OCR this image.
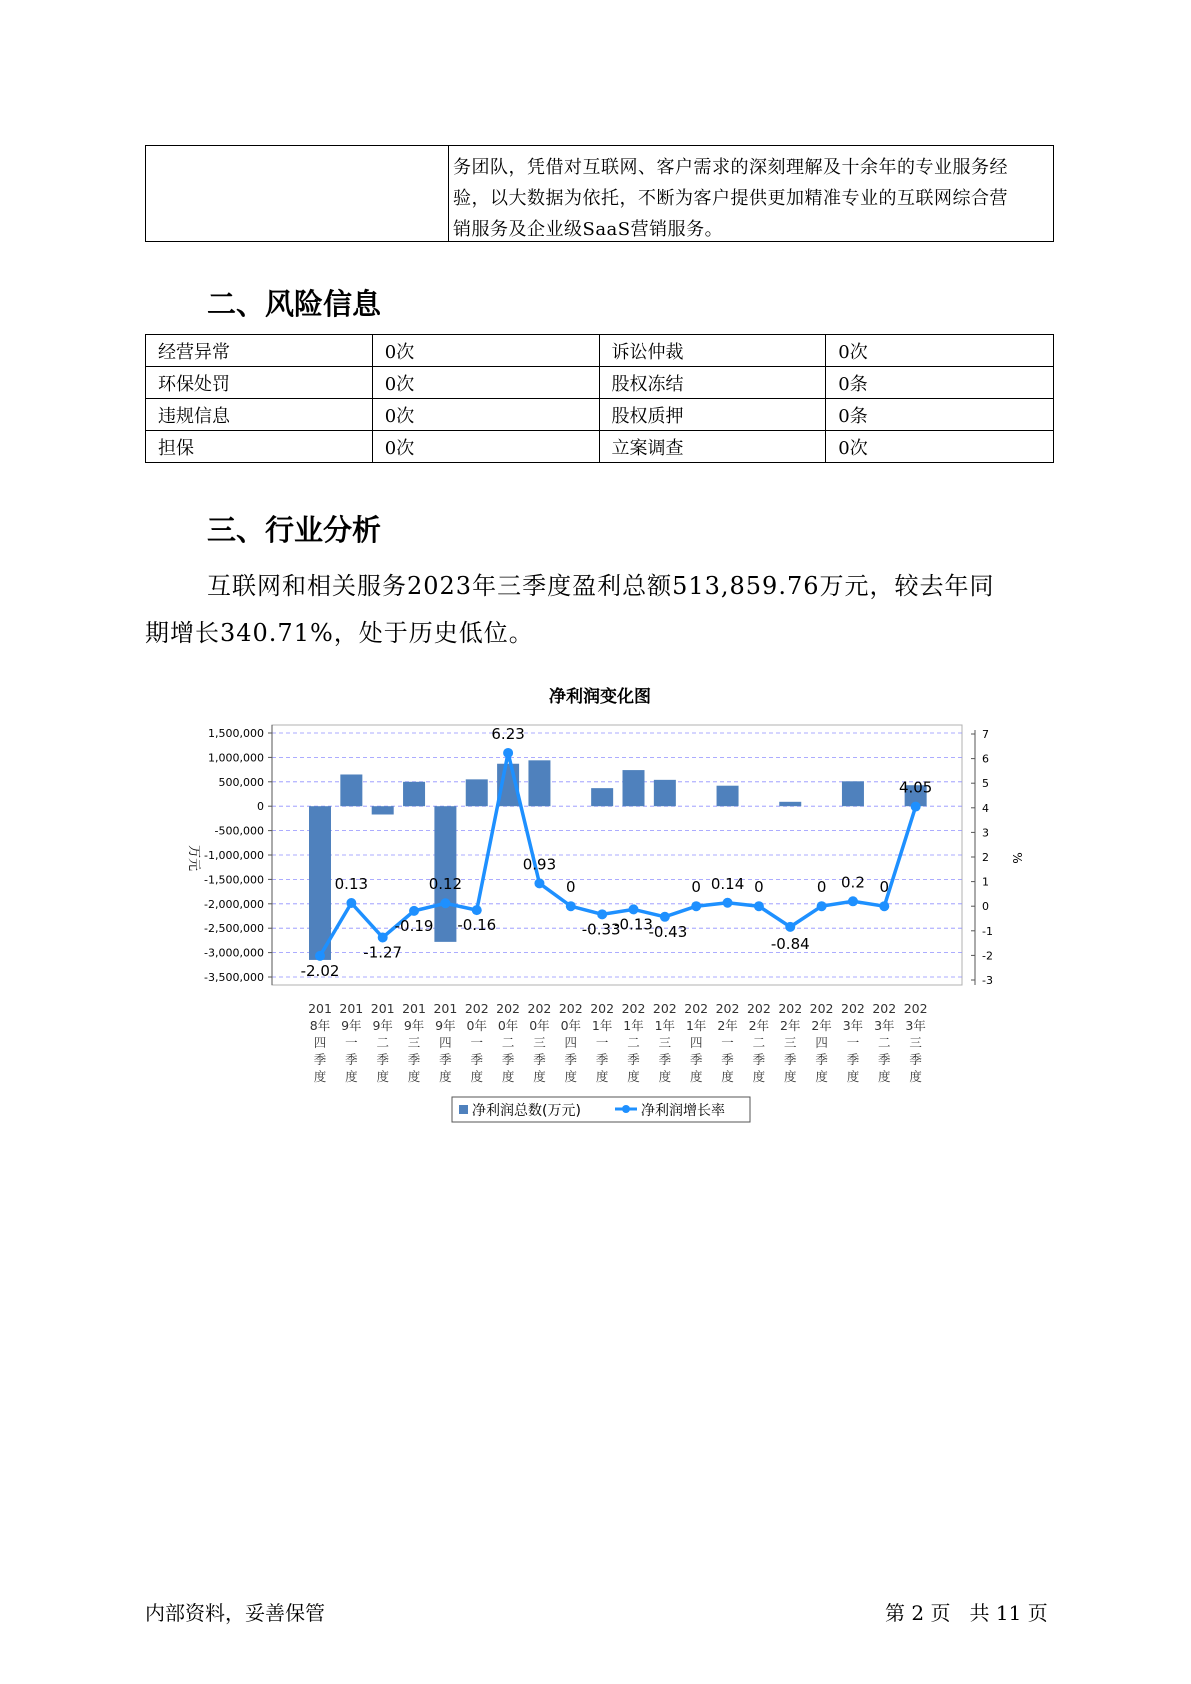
务团队，凭借对互联网、客户需求的深刻理解及十余年的专业服务经
验，以大数据为依托，不断为客户提供更加精准专业的互联网综合营
销服务及企业级SaaS营销服务。
二、风险信息
经营异常	0次	诉讼仲裁	0次
环保处罚	0次	股权冻结	0条
违规信息	0次	股权质押	0条
担保	0次	立案调查	0次
三、行业分析
互联网和相关服务2023年三季度盈利总额513,859.76万元，较去年同
期增长340.71%，处于历史低位。
净利润变化图
1,500,000
1,000,000
500,000
0
-500,000
-1,000,000
-1,500,000
-2,000,000
-2,500,000
-3,000,000
-3,500,000
7
6
5
4
3
2
1
0
-1
-2
-3
万元	%
-2.02
0.13
-1.27
-0.19
0.12
-0.16
6.23
0.93
0
-0.33
-0.13
-0.43
0 0.14 0
-0.84
0 0.2 0
4.05
201
8年
四
季
度
201
9年
一
季
度
201
9年
二
季
度
201
9年
三
季
度
201
9年
四
季
度
202
0年
一
季
度
202
0年
二
季
度
202
0年
三
季
度
202
0年
四
季
度
202
1年
一
季
度
202
1年
二
季
度
202
1年
三
季
度
202
1年
四
季
度
202
2年
一
季
度
202
2年
二
季
度
202
2年
三
季
度
202
2年
四
季
度
202
3年
一
季
度
202
3年
二
季
度
202
3年
三
季
度
净利润总数(万元)	净利润增长率
内部资料，妥善保管	第 2 页 共 11 页
